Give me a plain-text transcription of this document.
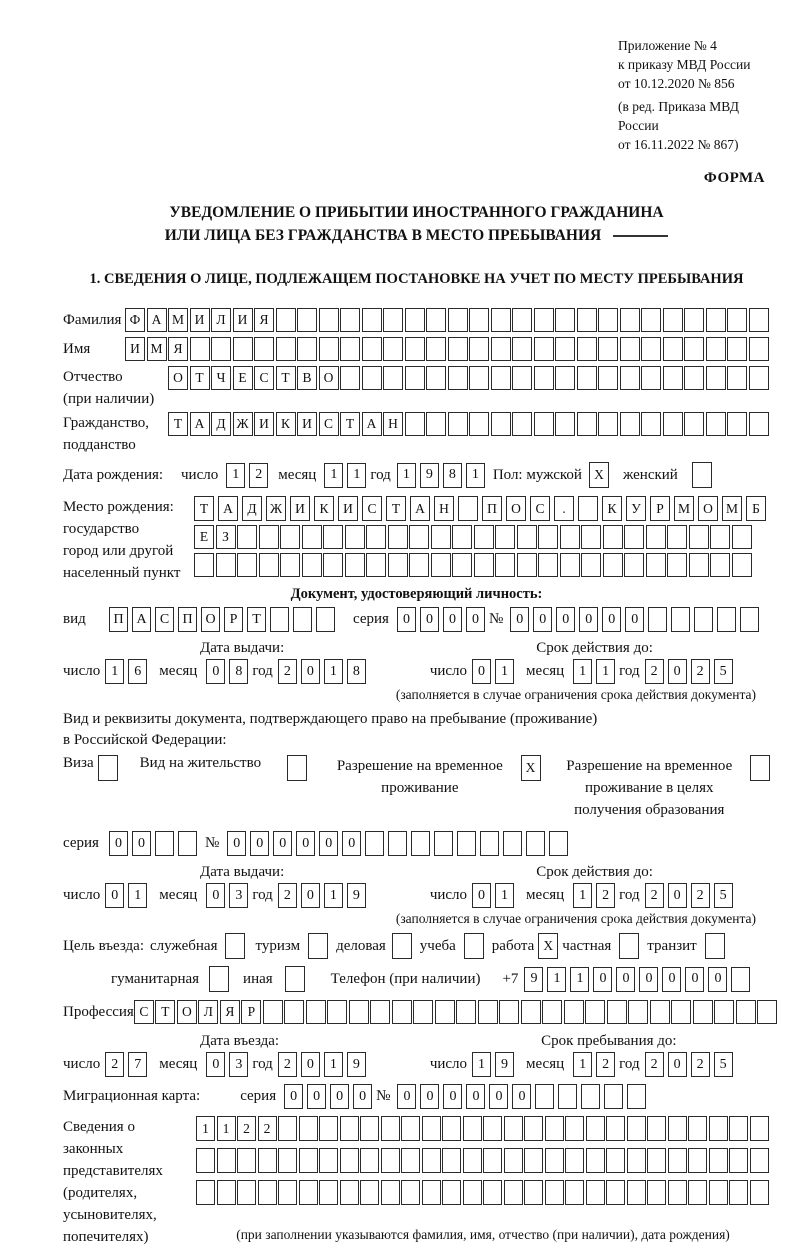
Приложение № 4
к приказу МВД России
от 10.12.2020 № 856
(в ред. Приказа МВД России
от 16.11.2022 № 867)
ФОРМА
УВЕДОМЛЕНИЕ О ПРИБЫТИИ ИНОСТРАННОГО ГРАЖДАНИНА
ИЛИ ЛИЦА БЕЗ ГРАЖДАНСТВА В МЕСТО ПРЕБЫВАНИЯ
1. СВЕДЕНИЯ О ЛИЦЕ, ПОДЛЕЖАЩЕМ ПОСТАНОВКЕ НА УЧЕТ ПО МЕСТУ ПРЕБЫВАНИЯ
Фамилия Ф А М И Л И Я
Имя	И М Я
Отчество
(при наличии)
О Т Ч Е С Т В О
Гражданство,
подданство
Т А Д Ж И К И С Т А Н
Дата рождения:	число	1	2	месяц	1	1 год 1	9	8	1 Пол: мужской X	женский
Место рождения:
государство
город или другой
населенный пункт
Т	А	Д Ж И	К	И	С	Т	А	Н	П	О	С	.	К	У	Р	М О М	Б
Е	З
Документ, удостоверяющий личность:
вид	П А С П О	Р	Т	серия	0	0	0	0 № 0	0	0	0	0	0
Дата выдачи:	Срок действия до:
число 1	6	месяц	0	8 год 2	0	1	8	число 0	1	месяц	1	1 год 2	0	2	5
(заполняется в случае ограничения срока действия документа)
Вид и реквизиты документа, подтверждающего право на пребывание (проживание)
в Российской Федерации:
Виза	Вид на жительство	Разрешение на временное проживание
X	Разрешение на временное проживание в целях получения образования
серия	0	0	№	0	0	0	0	0	0
Дата выдачи:	Срок действия до:
число 0	1	месяц	0	3 год 2	0	1	9	число 0	1	месяц	1	2 год 2	0	2	5
(заполняется в случае ограничения срока действия документа)
Цель въезда: служебная	туризм деловая учеба работа X частная транзит
гуманитарная	иная	Телефон (при наличии) +7 9	1	1	0	0	0	0	0	0
Профессия С Т О Л Я Р
Дата въезда:	Срок пребывания до:
число 2	7	месяц	0	3 год 2	0	1	9	число 1	9	месяц	1	2 год 2	0	2	5
Миграционная карта:	серия	0	0	0	0 № 0	0	0	0	0	0
Сведения о
законных
представителях
(родителях,
усыновителях,
попечителях)
1	1	2	2
(при заполнении указываются фамилия, имя, отчество (при наличии), дата рождения)
